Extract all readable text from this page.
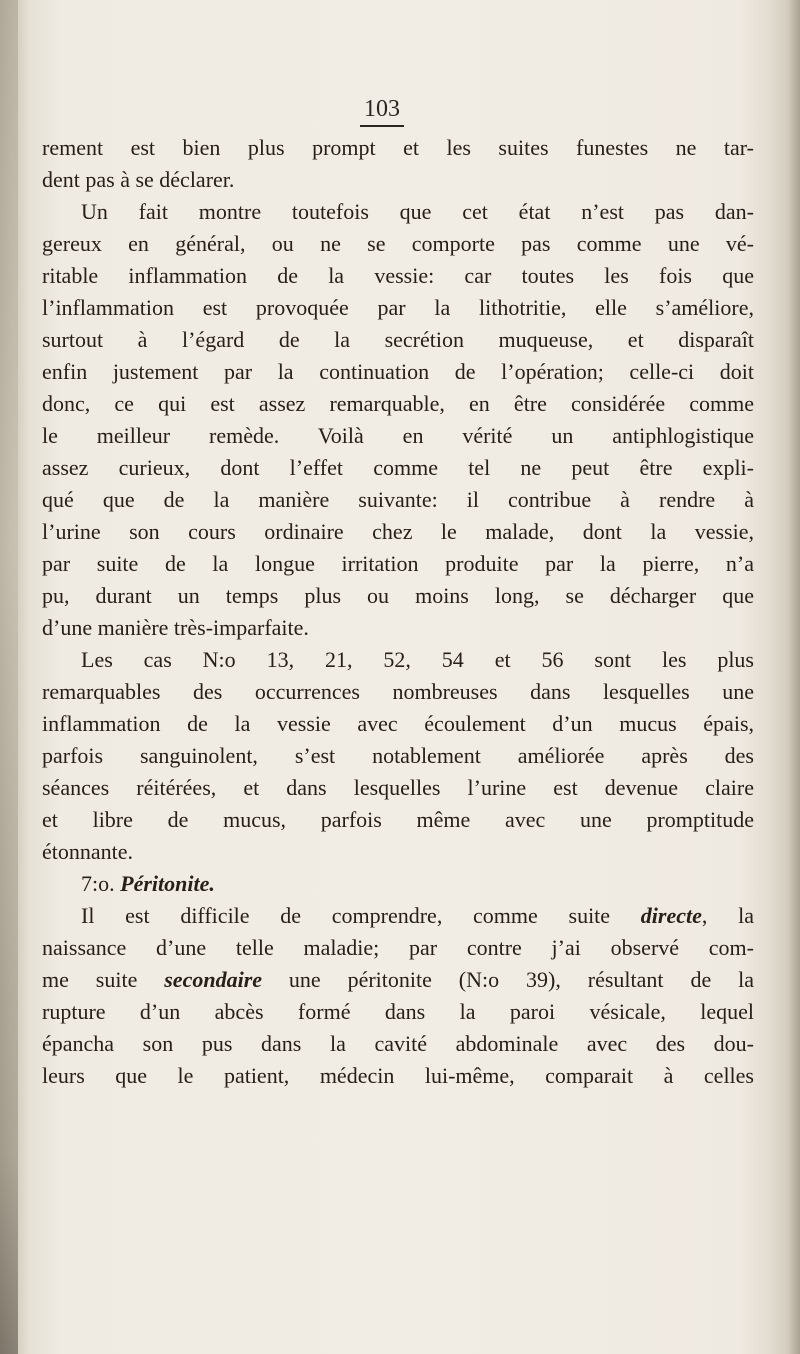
103
rement est bien plus prompt et les suites funestes ne tar-
dent pas à se déclarer.
Un fait montre toutefois que cet état n’est pas dan-
gereux en général, ou ne se comporte pas comme une vé-
ritable inflammation de la vessie: car toutes les fois que
l’inflammation est provoquée par la lithotritie, elle s’améliore,
surtout à l’égard de la secrétion muqueuse, et disparaît
enfin justement par la continuation de l’opération; celle-ci doit
donc, ce qui est assez remarquable, en être considérée comme
le meilleur remède. Voilà en vérité un antiphlogistique
assez curieux, dont l’effet comme tel ne peut être expli-
qué que de la manière suivante: il contribue à rendre à
l’urine son cours ordinaire chez le malade, dont la vessie,
par suite de la longue irritation produite par la pierre, n’a
pu, durant un temps plus ou moins long, se décharger que
d’une manière très-imparfaite.
Les cas N:o 13, 21, 52, 54 et 56 sont les plus
remarquables des occurrences nombreuses dans lesquelles une
inflammation de la vessie avec écoulement d’un mucus épais,
parfois sanguinolent, s’est notablement améliorée après des
séances réitérées, et dans lesquelles l’urine est devenue claire
et libre de mucus, parfois même avec une promptitude
étonnante.
7:o. Péritonite.
Il est difficile de comprendre, comme suite directe, la
naissance d’une telle maladie; par contre j’ai observé com-
me suite secondaire une péritonite (N:o 39), résultant de la
rupture d’un abcès formé dans la paroi vésicale, lequel
épancha son pus dans la cavité abdominale avec des dou-
leurs que le patient, médecin lui-même, comparait à celles
